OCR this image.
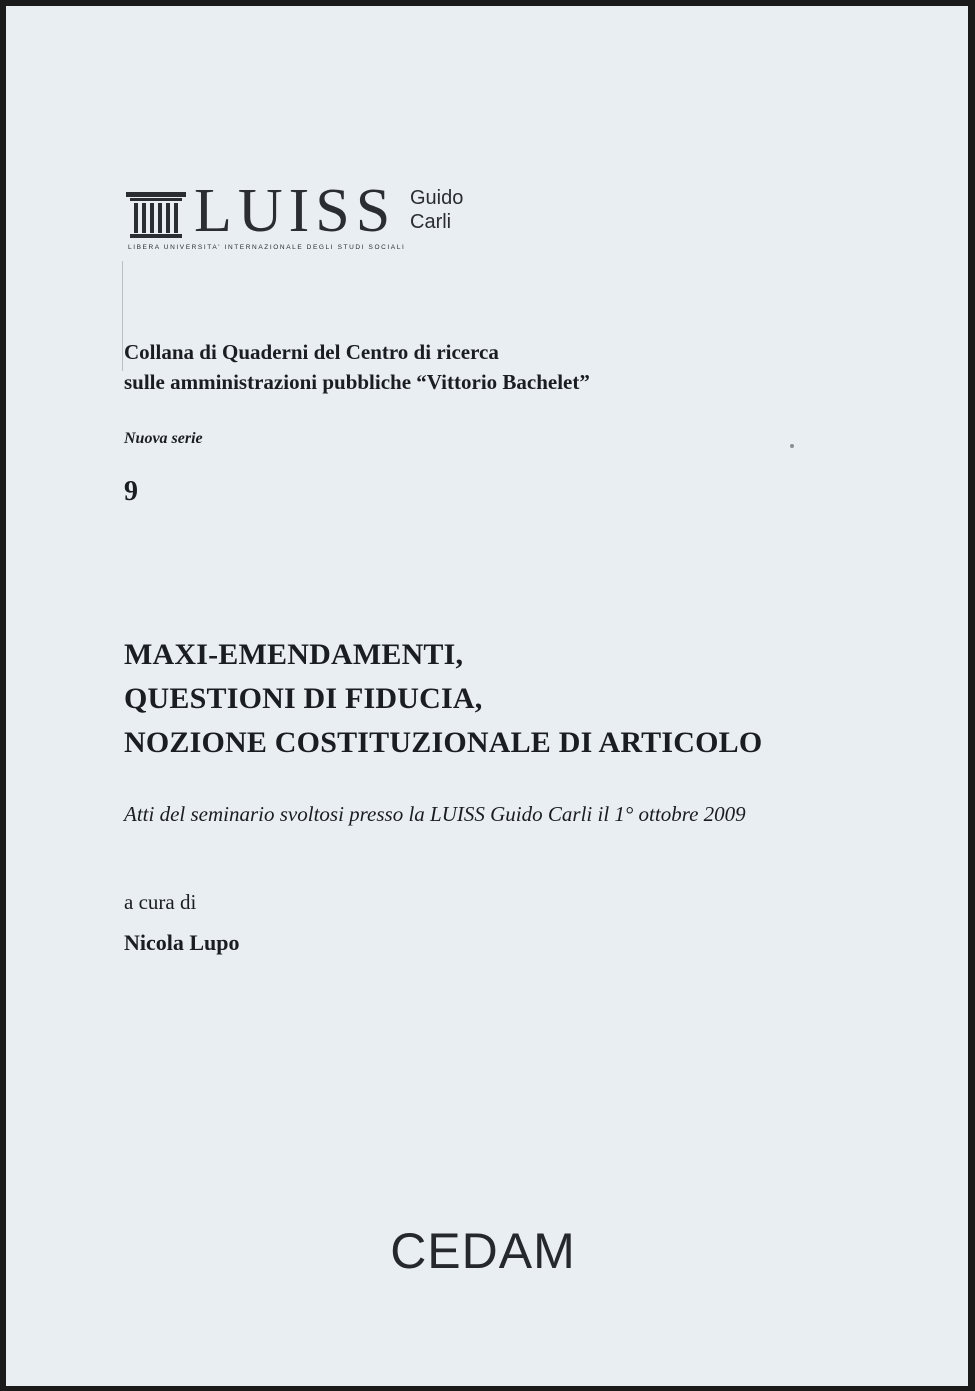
LUISS Guido
Carli
LIBERA UNIVERSITA' INTERNAZIONALE DEGLI STUDI SOCIALI
Collana di Quaderni del Centro di ricerca
sulle amministrazioni pubbliche “Vittorio Bachelet”
Nuova serie
9
MAXI-EMENDAMENTI,
QUESTIONI DI FIDUCIA,
NOZIONE COSTITUZIONALE DI ARTICOLO
Atti del seminario svoltosi presso la LUISS Guido Carli il 1° ottobre 2009
a cura di
Nicola Lupo
CEDAM
